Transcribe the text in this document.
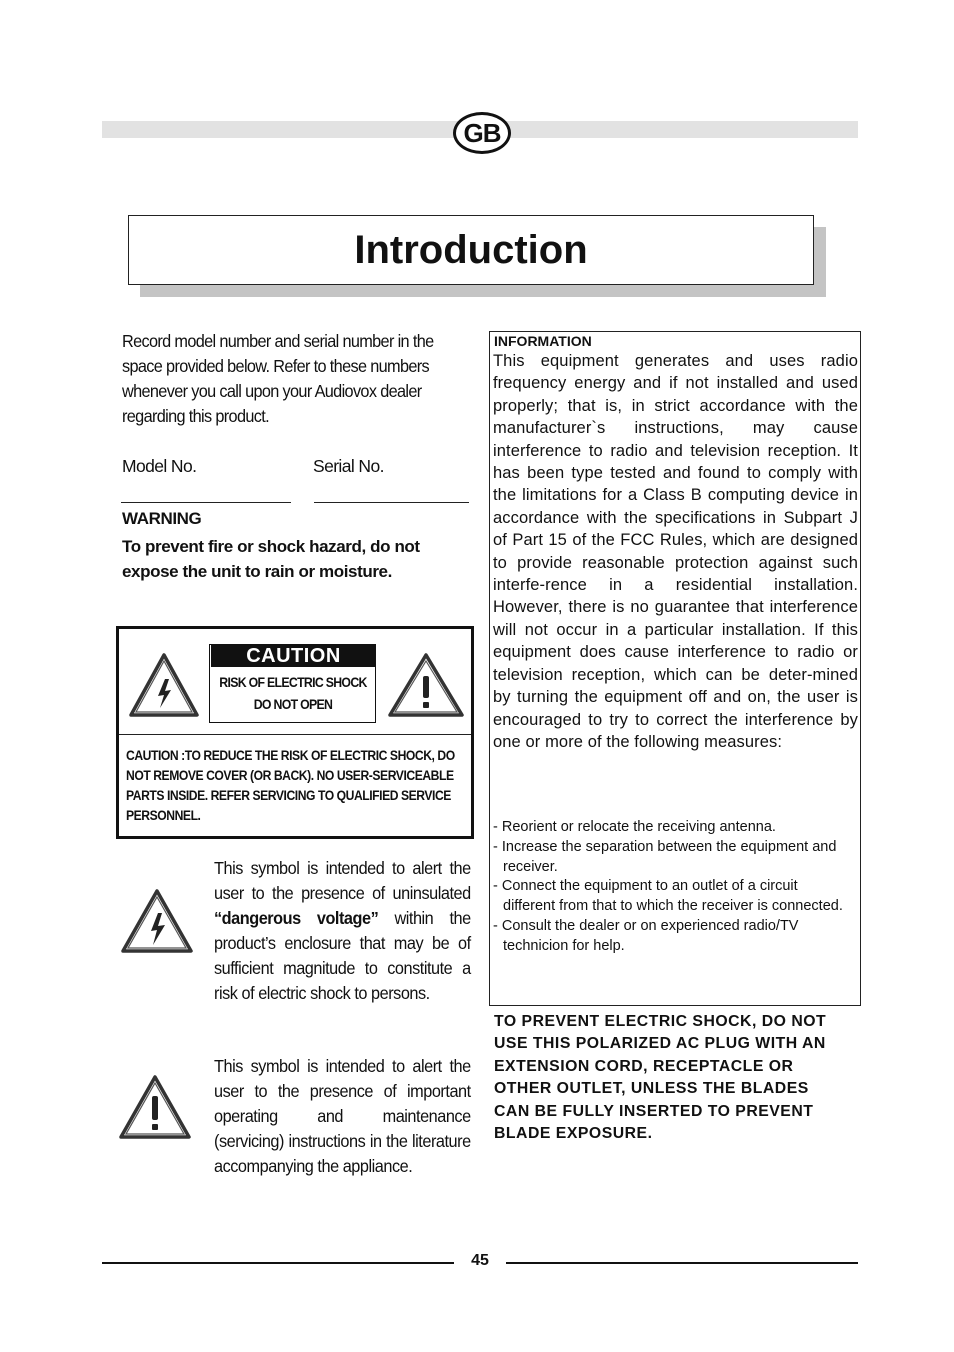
GB
Introduction
Record model number and serial number in the space provided below. Refer to these numbers whenever you call upon your Audiovox dealer regarding this product.
Model No.	Serial No.
WARNING
To prevent fire or shock hazard, do not expose the unit to rain or moisture.
CAUTION
RISK OF ELECTRIC SHOCK
DO NOT OPEN
CAUTION :TO REDUCE THE RISK OF ELECTRIC SHOCK, DO NOT REMOVE COVER (OR BACK). NO USER-SERVICEABLE PARTS INSIDE. REFER SERVICING TO QUALIFIED SERVICE PERSONNEL.
This symbol is intended to alert the user to the presence of uninsulated “dangerous voltage” within the product’s enclosure that may be of sufficient magnitude to constitute a risk of electric shock to persons.
This symbol is intended to alert the user to the presence of important operating and maintenance (servicing) instructions in the literature accompanying the appliance.
INFORMATION
This equipment generates and uses radio frequency energy and if not installed and used properly; that is, in strict accordance with the manufacturer`s instructions, may cause interference to radio and television reception. It has been type tested and found to comply with the limitations for a Class B computing device in accordance with the specifications in Subpart J of Part 15 of the FCC Rules, which are designed to provide reasonable protection against such interfe-rence in a residential installation. However, there is no guarantee that interference will not occur in a particular installation. If this equipment does cause interference to radio or television reception, which can be deter-mined by turning the equipment off and on, the user is encouraged to try to correct the interference by one or more of the following measures:
- Reorient or relocate the receiving antenna.
- Increase the separation between the equipment and receiver.
- Connect the equipment to an outlet of a circuit different from that to which the receiver is connected.
- Consult the dealer or on experienced radio/TV technicion for help.
TO PREVENT ELECTRIC SHOCK, DO NOT USE THIS POLARIZED AC PLUG WITH AN EXTENSION CORD, RECEPTACLE OR OTHER OUTLET, UNLESS THE BLADES CAN BE FULLY INSERTED TO PREVENT BLADE EXPOSURE.
45
